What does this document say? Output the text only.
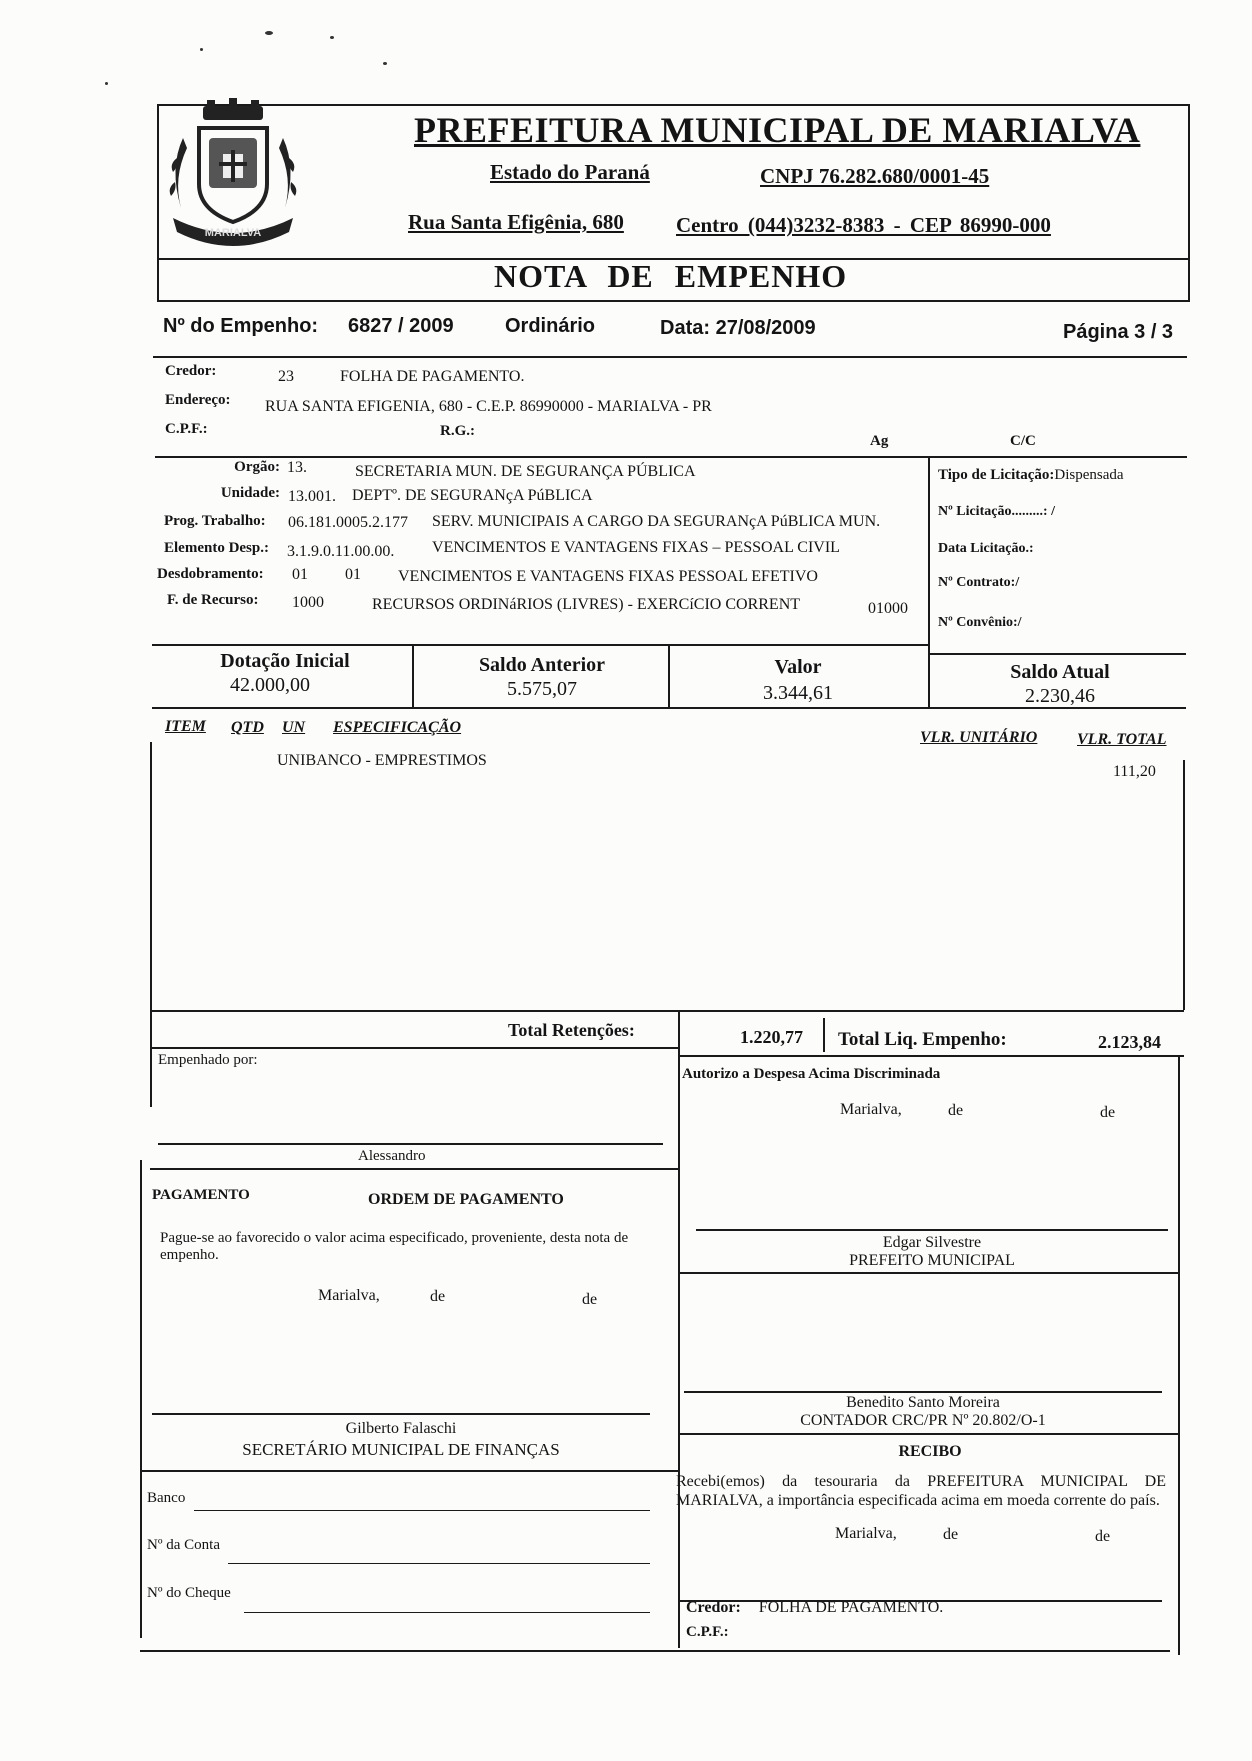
MARIALVA
PREFEITURA MUNICIPAL DE MARIALVA
Estado do Paraná	CNPJ 76.282.680/0001-45
Rua Santa Efigênia, 680 Centro (044)3232-8383 - CEP 86990-000
NOTA DE EMPENHO
Nº do Empenho: 6827 / 2009	Ordinário	Data: 27/08/2009	Página 3 / 3
Credor:	23	FOLHA DE PAGAMENTO.
Endereço: RUA SANTA EFIGENIA, 680 - C.E.P. 86990000 - MARIALVA - PR
C.P.F.:	R.G.:
Ag	C/C
Orgão: 13.	SECRETARIA MUN. DE SEGURANÇA PÚBLICA
Unidade: 13.001. DEPTº. DE SEGURANçA PúBLICA
Prog. Trabalho: 06.181.0005.2.177 SERV. MUNICIPAIS A CARGO DA SEGURANçA PúBLICA MUN.
Elemento Desp.: 3.1.9.0.11.00.00. VENCIMENTOS E VANTAGENS FIXAS – PESSOAL CIVIL
Desdobramento: 01 01 VENCIMENTOS E VANTAGENS FIXAS PESSOAL EFETIVO
F. de Recurso: 1000	RECURSOS ORDINáRIOS (LIVRES) - EXERCíCIO CORRENT	01000
Tipo de Licitação:Dispensada
Nº Licitação.........: /
Data Licitação.:
Nº Contrato:/
Nº Convênio:/
Dotação Inicial
42.000,00
Saldo Anterior
5.575,07
Valor
3.344,61
Saldo Atual
2.230,46
ITEM QTD UN ESPECIFICAÇÃO
VLR. UNITÁRIO VLR. TOTAL
UNIBANCO - EMPRESTIMOS
111,20
Total Retenções:	1.220,77 Total Liq. Empenho:	2.123,84
Empenhado por:
Alessandro
PAGAMENTO	ORDEM DE PAGAMENTO
Pague-se ao favorecido o valor acima especificado, proveniente, desta nota de empenho.
Marialva,	de	de
Gilberto Falaschi
SECRETÁRIO MUNICIPAL DE FINANÇAS
Banco
Nº da Conta
Nº do Cheque
Autorizo a Despesa Acima Discriminada
Marialva,	de	de
Edgar Silvestre
PREFEITO MUNICIPAL
Benedito Santo Moreira
CONTADOR CRC/PR Nº 20.802/O-1
RECIBO
Recebi(emos) da tesouraria da PREFEITURA MUNICIPAL DE MARIALVA, a importância especificada acima em moeda corrente do país.
Marialva,	de	de
Credor: FOLHA DE PAGAMENTO.
C.P.F.:
